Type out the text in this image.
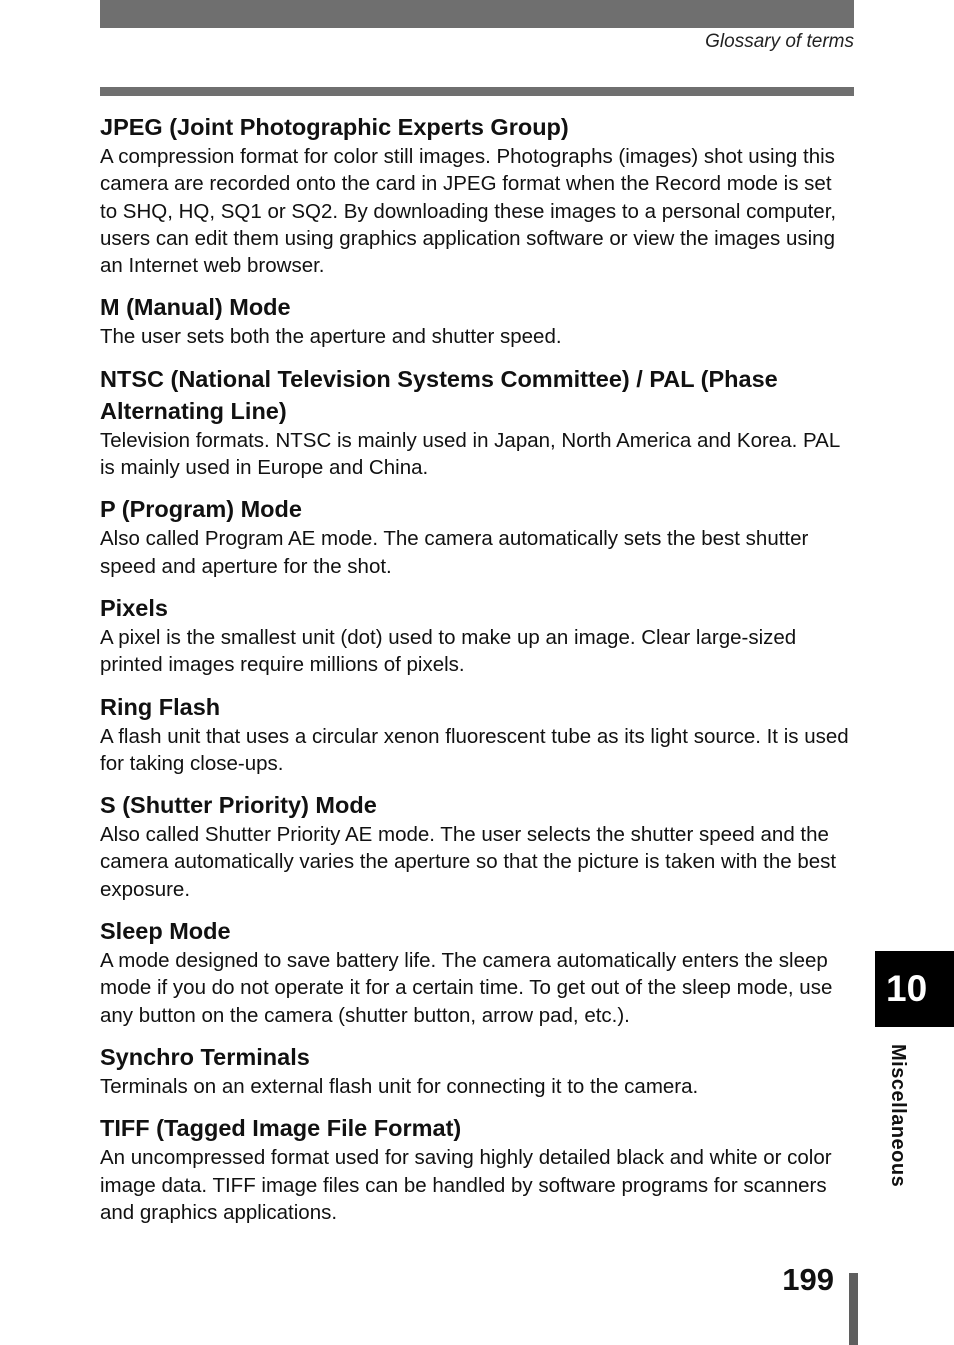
Glossary of terms

JPEG (Joint Photographic Experts Group)

A compression format for color still images. Photographs (images) shot using this camera are recorded onto the card in JPEG format when the Record mode is set to SHQ, HQ, SQ1 or SQ2. By downloading these images to a personal computer, users can edit them using graphics application software or view the images using an Internet web browser.

M (Manual) Mode

The user sets both the aperture and shutter speed.

NTSC (National Television Systems Committee) / PAL (Phase Alternating Line)

Television formats. NTSC is mainly used in Japan, North America and Korea. PAL is mainly used in Europe and China.

P (Program) Mode

Also called Program AE mode. The camera automatically sets the best shutter speed and aperture for the shot.

Pixels

A pixel is the smallest unit (dot) used to make up an image. Clear large-sized printed images require millions of pixels.

Ring Flash

A flash unit that uses a circular xenon fluorescent tube as its light source. It is used for taking close-ups.

S (Shutter Priority) Mode

Also called Shutter Priority AE mode. The user selects the shutter speed and the camera automatically varies the aperture so that the picture is taken with the best exposure.

Sleep Mode

A mode designed to save battery life. The camera automatically enters the sleep mode if you do not operate it for a certain time. To get out of the sleep mode, use any button on the camera (shutter button, arrow pad, etc.).

Synchro Terminals

Terminals on an external flash unit for connecting it to the camera.

TIFF (Tagged Image File Format)

An uncompressed format used for saving highly detailed black and white or color image data. TIFF image files can be handled by software programs for scanners and graphics applications.

10
Miscellaneous
199
